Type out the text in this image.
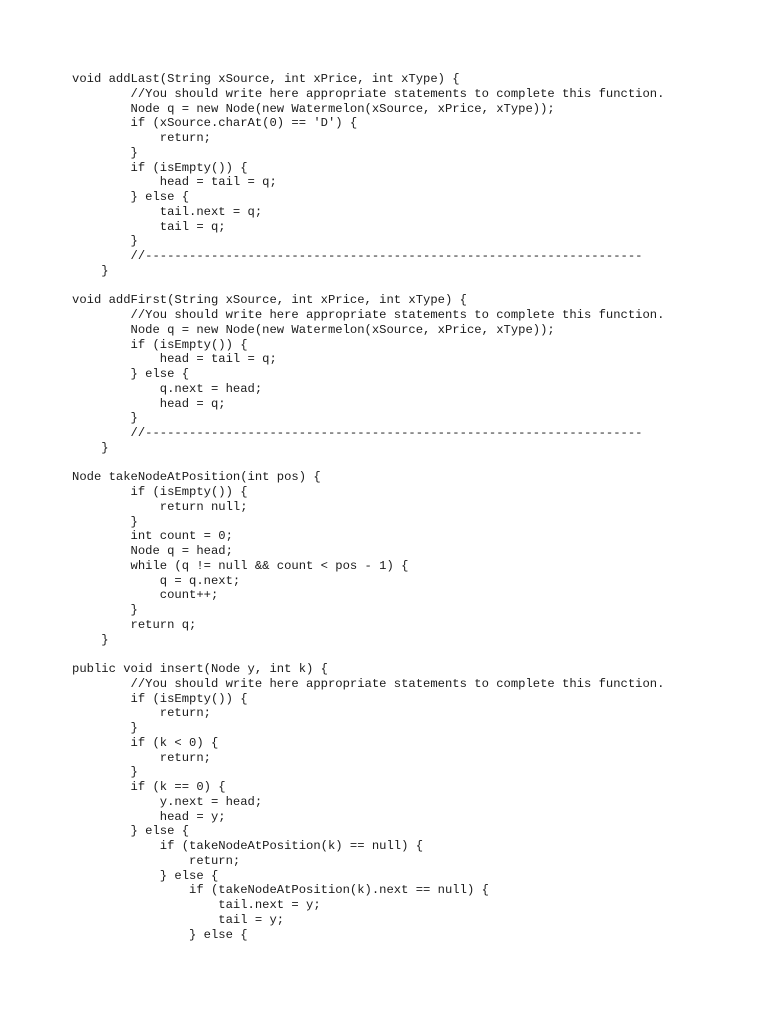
void addLast(String xSource, int xPrice, int xType) {
//You should write here appropriate statements to complete this function.
Node q = new Node(new Watermelon(xSource, xPrice, xType));
if (xSource.charAt(0) == 'D') {
return;
}
if (isEmpty()) {
head = tail = q;
} else {
tail.next = q;
tail = q;
}
//--------------------------------------------------------------------
}

void addFirst(String xSource, int xPrice, int xType) {
//You should write here appropriate statements to complete this function.
Node q = new Node(new Watermelon(xSource, xPrice, xType));
if (isEmpty()) {
head = tail = q;
} else {
q.next = head;
head = q;
}
//--------------------------------------------------------------------
}

Node takeNodeAtPosition(int pos) {
if (isEmpty()) {
return null;
}
int count = 0;
Node q = head;
while (q != null && count < pos - 1) {
q = q.next;
count++;
}
return q;
}

public void insert(Node y, int k) {
//You should write here appropriate statements to complete this function.
if (isEmpty()) {
return;
}
if (k < 0) {
return;
}
if (k == 0) {
y.next = head;
head = y;
} else {
if (takeNodeAtPosition(k) == null) {
return;
} else {
if (takeNodeAtPosition(k).next == null) {
tail.next = y;
tail = y;
} else {
